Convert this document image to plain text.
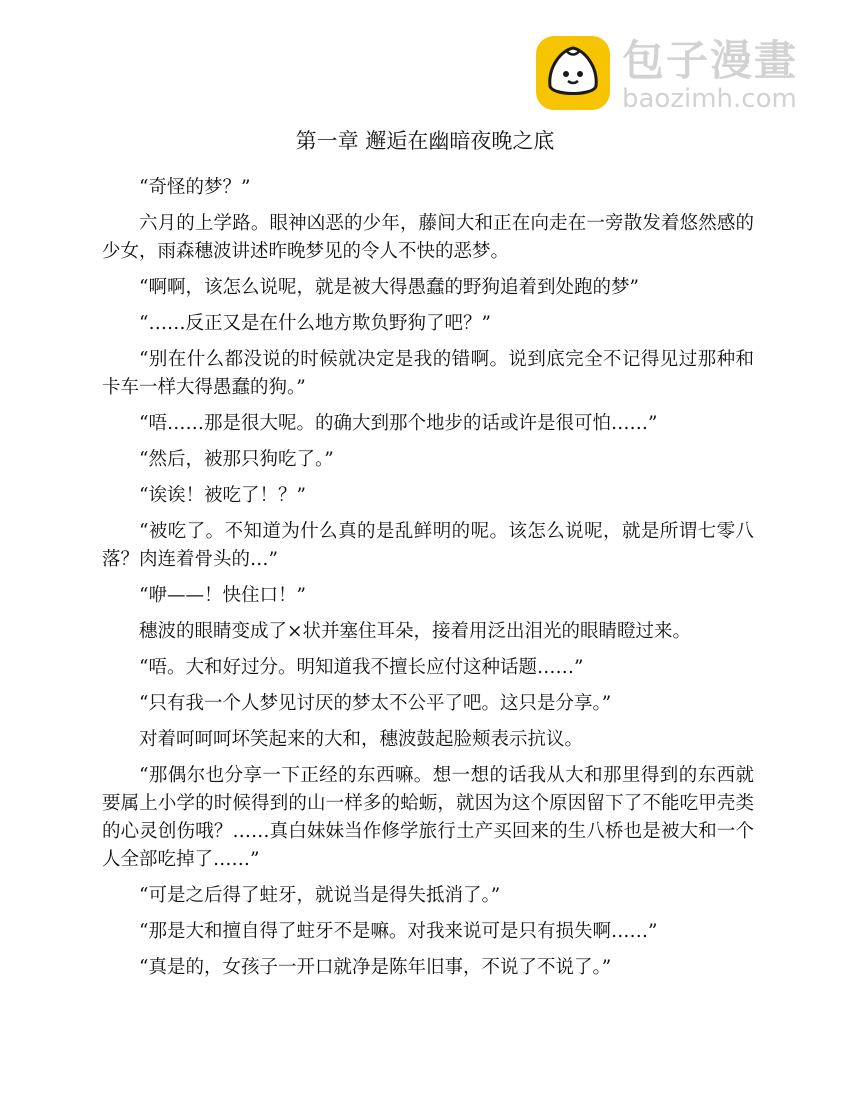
包子漫畫
baozimh.com
第一章 邂逅在幽暗夜晚之底

“奇怪的梦？”

六月的上学路。眼神凶恶的少年，藤间大和正在向走在一旁散发着悠然感的少女，雨森穗波讲述昨晚梦见的令人不快的恶梦。

“啊啊，该怎么说呢，就是被大得愚蠢的野狗追着到处跑的梦”

“……反正又是在什么地方欺负野狗了吧？”

“别在什么都没说的时候就决定是我的错啊。说到底完全不记得见过那种和卡车一样大得愚蠢的狗。”

“唔……那是很大呢。的确大到那个地步的话或许是很可怕……”

“然后，被那只狗吃了。”

“诶诶！被吃了！？”

“被吃了。不知道为什么真的是乱鲜明的呢。该怎么说呢，就是所谓七零八落？肉连着骨头的…”

“咿——！快住口！”

穗波的眼睛变成了×状并塞住耳朵，接着用泛出泪光的眼睛瞪过来。

“唔。大和好过分。明知道我不擅长应付这种话题……”

“只有我一个人梦见讨厌的梦太不公平了吧。这只是分享。”

对着呵呵呵坏笑起来的大和，穗波鼓起脸颊表示抗议。

“那偶尔也分享一下正经的东西嘛。想一想的话我从大和那里得到的东西就要属上小学的时候得到的山一样多的蛤蛎，就因为这个原因留下了不能吃甲壳类的心灵创伤哦？……真白妹妹当作修学旅行土产买回来的生八桥也是被大和一个人全部吃掉了……”

“可是之后得了蛀牙，就说当是得失抵消了。”

“那是大和擅自得了蛀牙不是嘛。对我来说可是只有损失啊……”

“真是的，女孩子一开口就净是陈年旧事，不说了不说了。”
